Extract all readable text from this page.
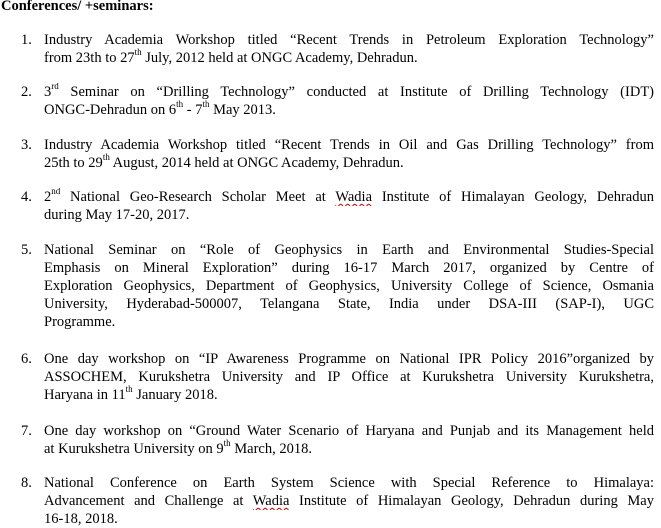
Conferences/ +seminars:
1. Industry Academia Workshop titled “Recent Trends in Petroleum Exploration Technology”
from 23th to 27th July, 2012 held at ONGC Academy, Dehradun.
2. 3rd Seminar on “Drilling Technology” conducted at Institute of Drilling Technology (IDT)
ONGC-Dehradun on 6th - 7th May 2013.
3. Industry Academia Workshop titled “Recent Trends in Oil and Gas Drilling Technology” from
25th to 29th August, 2014 held at ONGC Academy, Dehradun.
4. 2nd National Geo-Research Scholar Meet at Wadia Institute of Himalayan Geology, Dehradun
during May 17-20, 2017.
5. National Seminar on “Role of Geophysics in Earth and Environmental Studies-Special
Emphasis on Mineral Exploration” during 16-17 March 2017, organized by Centre of
Exploration Geophysics, Department of Geophysics, University College of Science, Osmania
University, Hyderabad-500007, Telangana State, India under DSA-III (SAP-I), UGC
Programme.
6. One day workshop on “IP Awareness Programme on National IPR Policy 2016”organized by
ASSOCHEM, Kurukshetra University and IP Office at Kurukshetra University Kurukshetra,
Haryana in 11th January 2018.
7. One day workshop on “Ground Water Scenario of Haryana and Punjab and its Management held
at Kurukshetra University on 9th March, 2018.
8. National Conference on Earth System Science with Special Reference to Himalaya:
Advancement and Challenge at Wadia Institute of Himalayan Geology, Dehradun during May
16-18, 2018.
